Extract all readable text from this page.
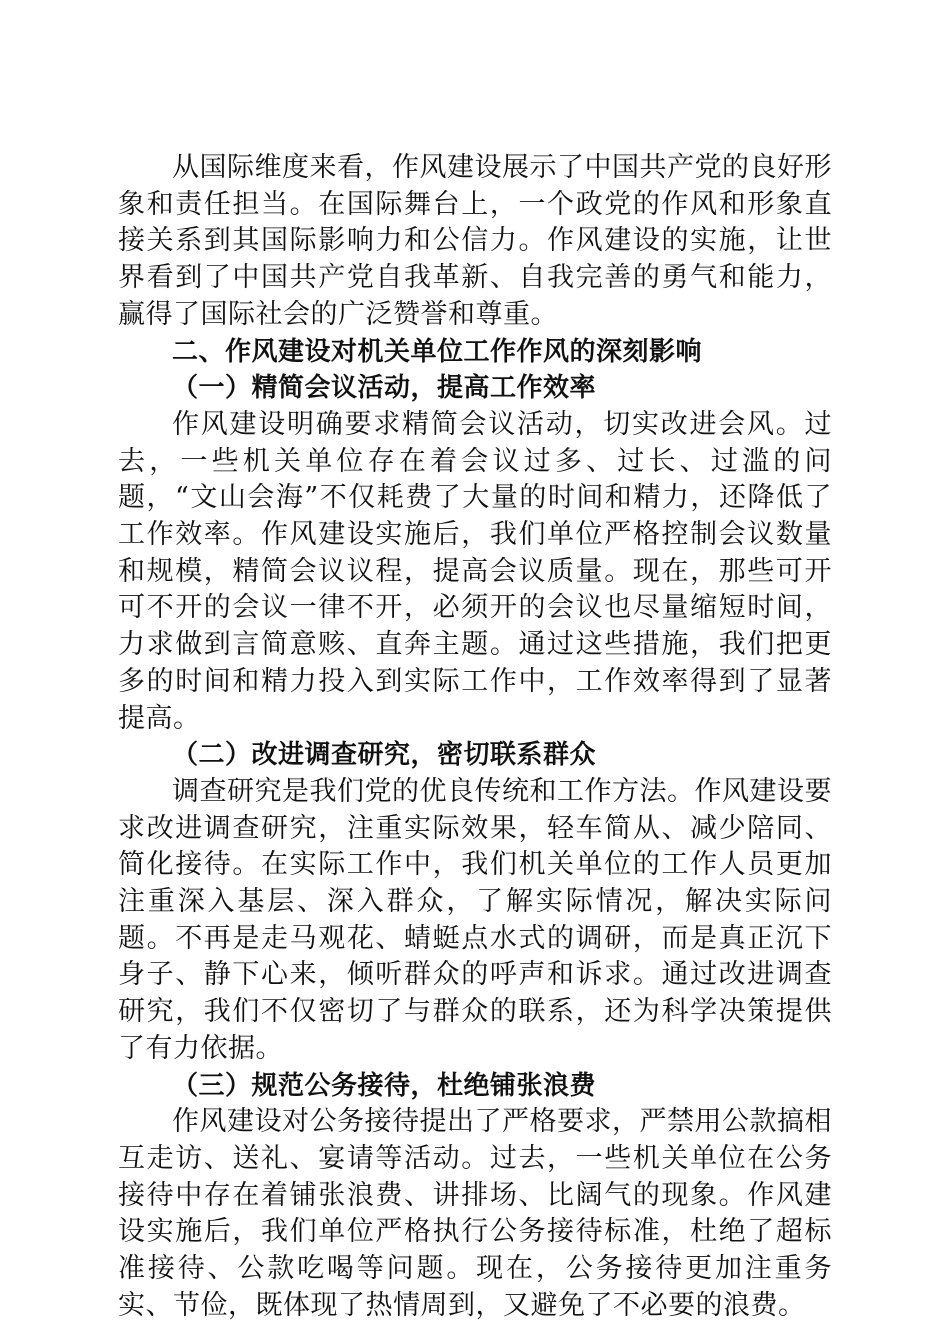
从国际维度来看，作风建设展示了中国共产党的良好形象和责任担当。在国际舞台上，一个政党的作风和形象直接关系到其国际影响力和公信力。作风建设的实施，让世界看到了中国共产党自我革新、自我完善的勇气和能力，赢得了国际社会的广泛赞誉和尊重。

二、作风建设对机关单位工作作风的深刻影响

（一）精简会议活动，提高工作效率

作风建设明确要求精简会议活动，切实改进会风。过去，一些机关单位存在着会议过多、过长、过滥的问题，“文山会海”不仅耗费了大量的时间和精力，还降低了工作效率。作风建设实施后，我们单位严格控制会议数量和规模，精简会议议程，提高会议质量。现在，那些可开可不开的会议一律不开，必须开的会议也尽量缩短时间，力求做到言简意赅、直奔主题。通过这些措施，我们把更多的时间和精力投入到实际工作中，工作效率得到了显著提高。

（二）改进调查研究，密切联系群众

调查研究是我们党的优良传统和工作方法。作风建设要求改进调查研究，注重实际效果，轻车简从、减少陪同、简化接待。在实际工作中，我们机关单位的工作人员更加注重深入基层、深入群众，了解实际情况，解决实际问题。不再是走马观花、蜻蜓点水式的调研，而是真正沉下身子、静下心来，倾听群众的呼声和诉求。通过改进调查研究，我们不仅密切了与群众的联系，还为科学决策提供了有力依据。

（三）规范公务接待，杜绝铺张浪费

作风建设对公务接待提出了严格要求，严禁用公款搞相互走访、送礼、宴请等活动。过去，一些机关单位在公务接待中存在着铺张浪费、讲排场、比阔气的现象。作风建设实施后，我们单位严格执行公务接待标准，杜绝了超标准接待、公款吃喝等问题。现在，公务接待更加注重务实、节俭，既体现了热情周到，又避免了不必要的浪费。
